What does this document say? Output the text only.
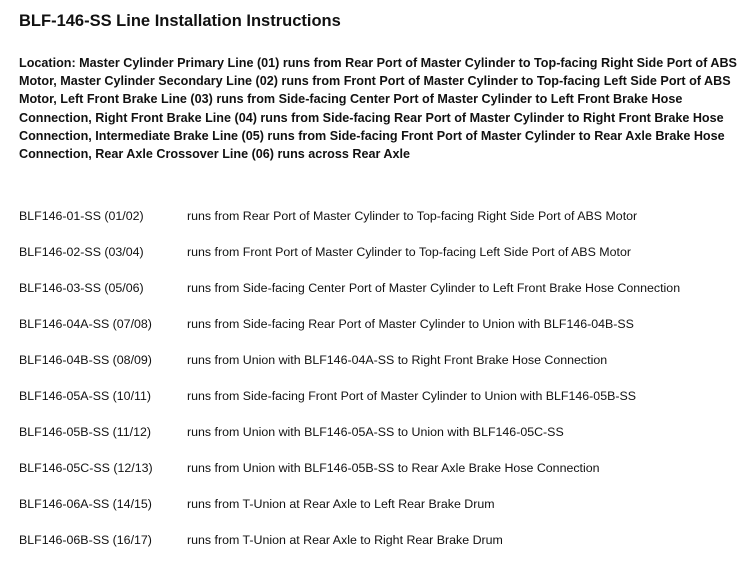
BLF-146-SS Line Installation Instructions
Location: Master Cylinder Primary Line (01) runs from Rear Port of Master Cylinder to Top-facing Right Side Port of ABS Motor, Master Cylinder Secondary Line (02) runs from Front Port of Master Cylinder to Top-facing Left Side Port of ABS Motor, Left Front Brake Line (03) runs from Side-facing Center Port of Master Cylinder to Left Front Brake Hose Connection, Right Front Brake Line (04) runs from Side-facing Rear Port of Master Cylinder to Right Front Brake Hose Connection, Intermediate Brake Line (05) runs from Side-facing Front Port of Master Cylinder to Rear Axle Brake Hose Connection, Rear Axle Crossover Line (06) runs across Rear Axle
BLF146-01-SS (01/02)	runs from Rear Port of Master Cylinder to Top-facing Right Side Port of ABS Motor
BLF146-02-SS (03/04)	runs from Front Port of Master Cylinder to Top-facing Left Side Port of ABS Motor
BLF146-03-SS (05/06)	runs from Side-facing Center Port of Master Cylinder to Left Front Brake Hose Connection
BLF146-04A-SS (07/08)	runs from Side-facing Rear Port of Master Cylinder to Union with BLF146-04B-SS
BLF146-04B-SS (08/09)	runs from Union with BLF146-04A-SS to Right Front Brake Hose Connection
BLF146-05A-SS (10/11)	runs from Side-facing Front Port of Master Cylinder to Union with BLF146-05B-SS
BLF146-05B-SS (11/12)	runs from Union with BLF146-05A-SS to Union with BLF146-05C-SS
BLF146-05C-SS (12/13)	runs from Union with BLF146-05B-SS to Rear Axle Brake Hose Connection
BLF146-06A-SS (14/15)	runs from T-Union at Rear Axle to Left Rear Brake Drum
BLF146-06B-SS (16/17)	runs from T-Union at Rear Axle to Right Rear Brake Drum
